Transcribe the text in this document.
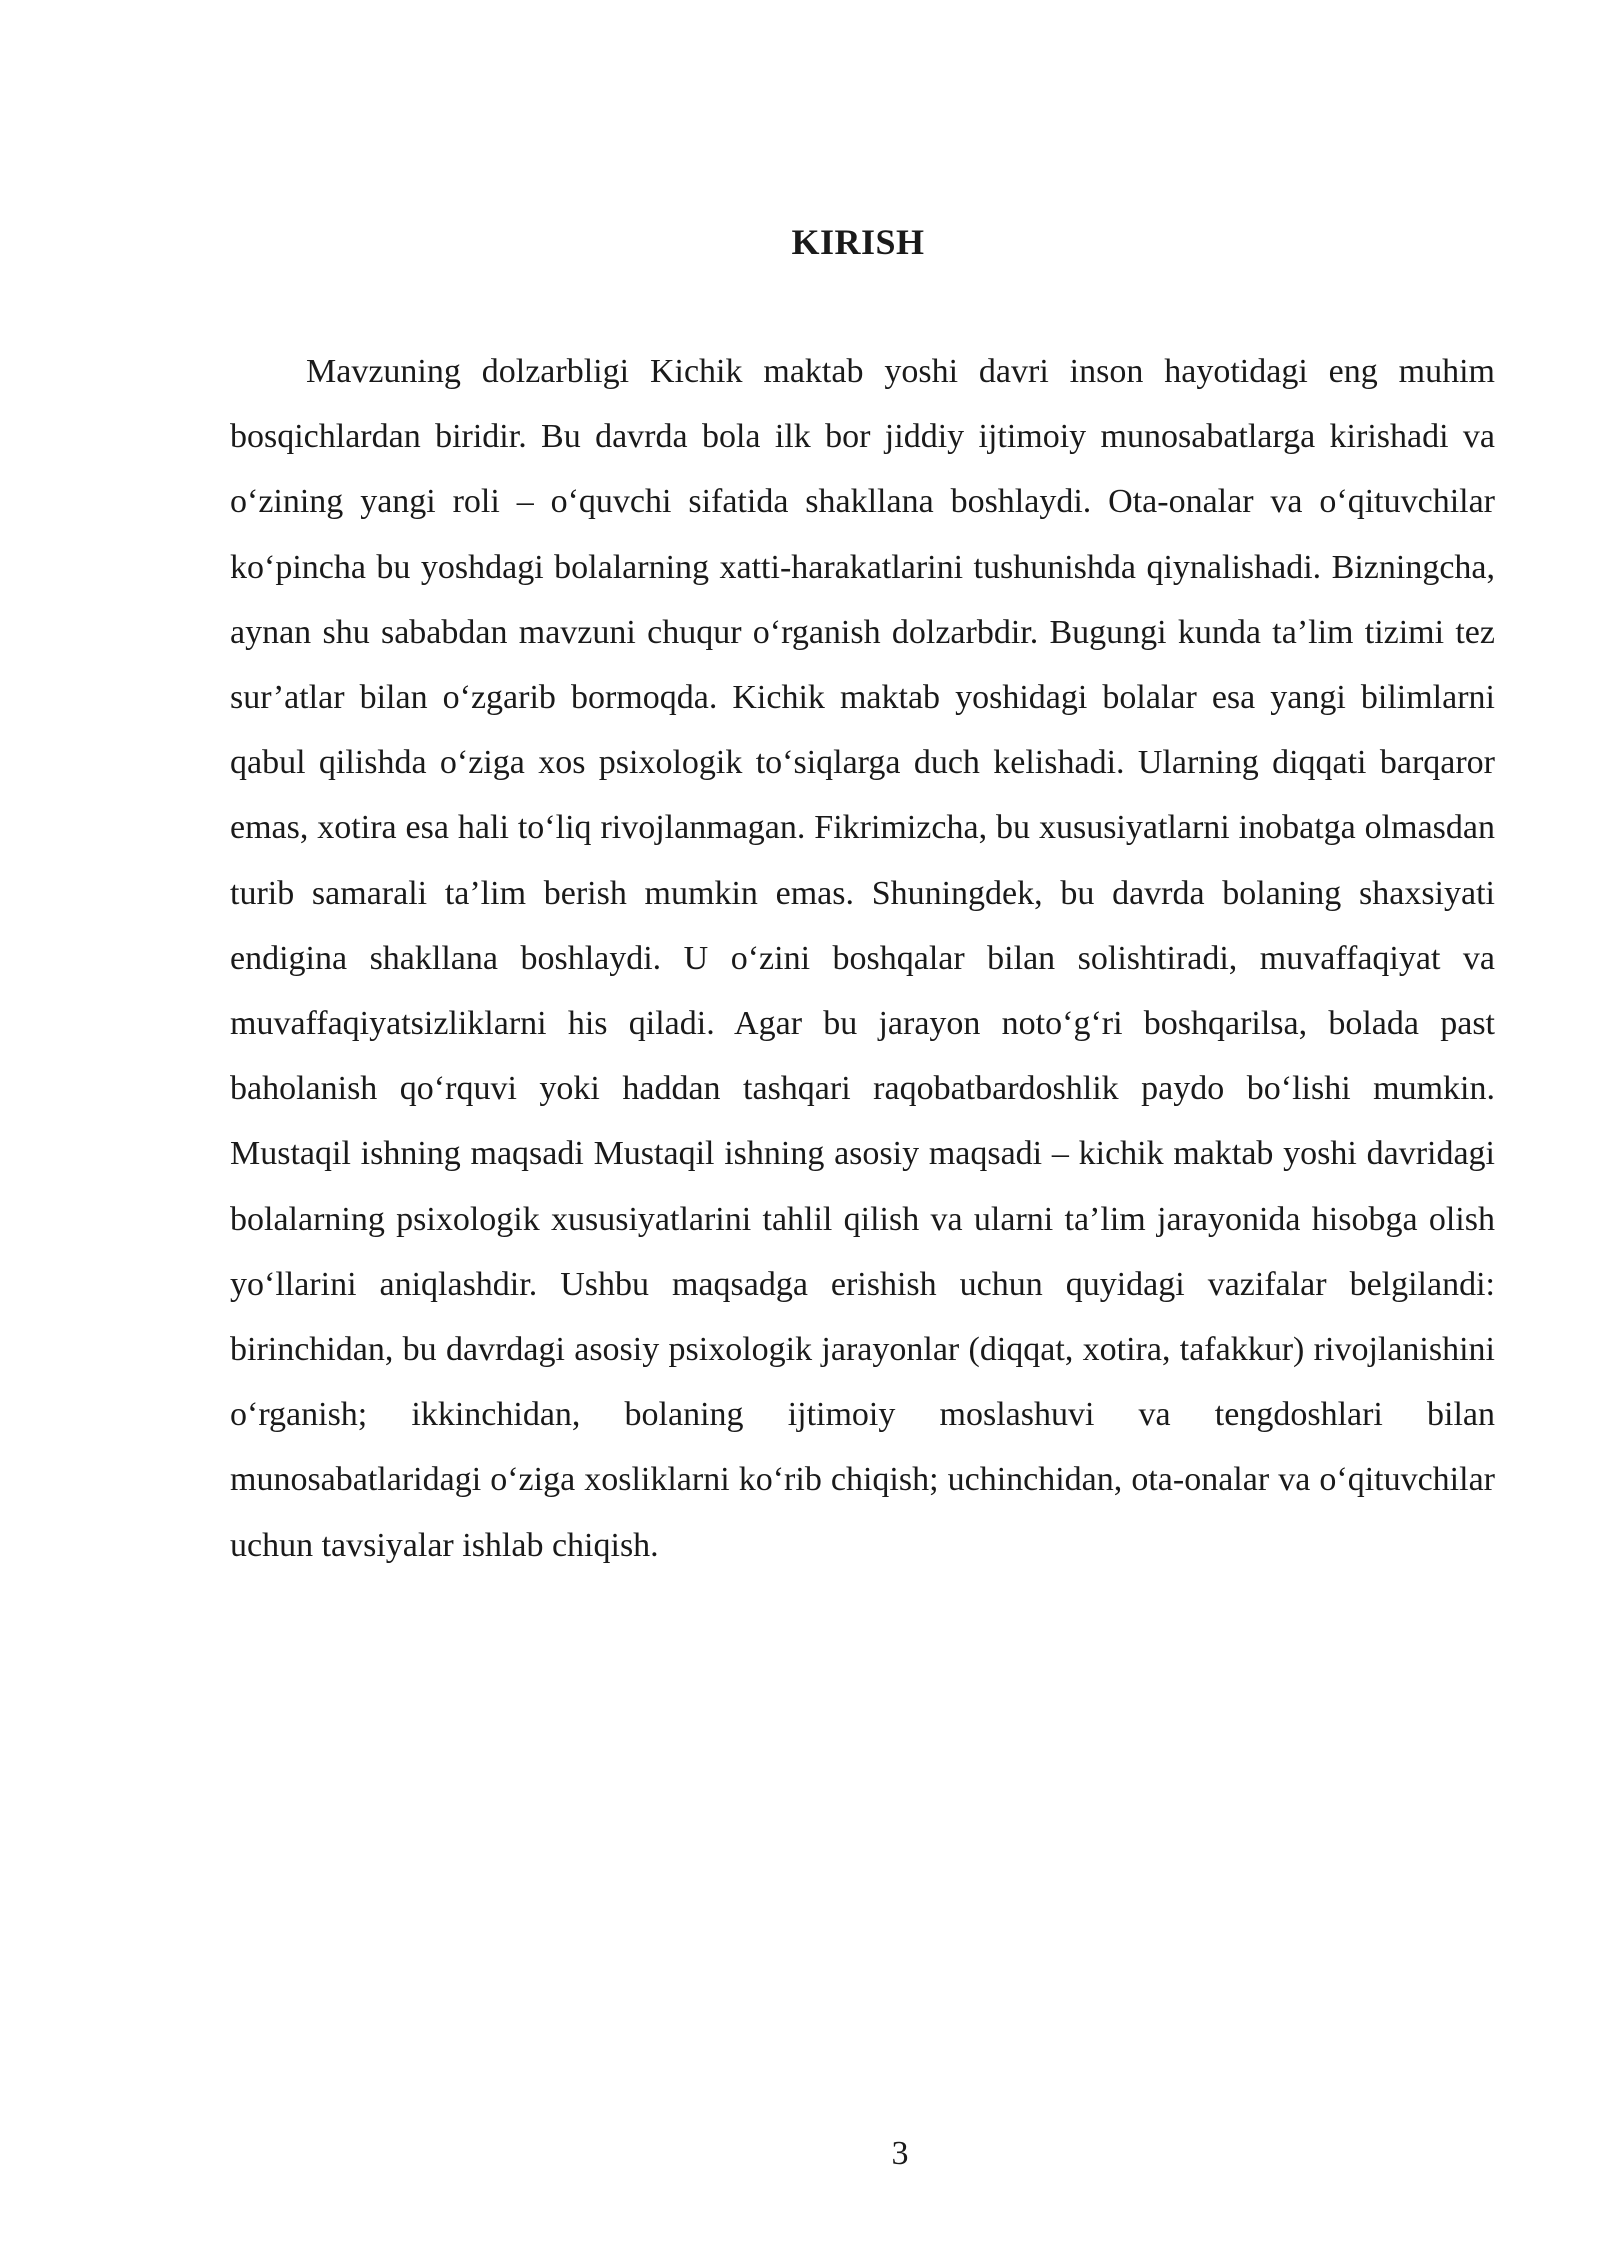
KIRISH

Mavzuning dolzarbligi Kichik maktab yoshi davri inson hayotidagi eng muhim bosqichlardan biridir. Bu davrda bola ilk bor jiddiy ijtimoiy munosabatlarga kirishadi va o‘zining yangi roli – o‘quvchi sifatida shakllana boshlaydi. Ota-onalar va o‘qituvchilar ko‘pincha bu yoshdagi bolalarning xatti-harakatlarini tushunishda qiynalishadi. Bizningcha, aynan shu sababdan mavzuni chuqur o‘rganish dolzarbdir. Bugungi kunda ta’lim tizimi tez sur’atlar bilan o‘zgarib bormoqda. Kichik maktab yoshidagi bolalar esa yangi bilimlarni qabul qilishda o‘ziga xos psixologik to‘siqlarga duch kelishadi. Ularning diqqati barqaror emas, xotira esa hali to‘liq rivojlanmagan. Fikrimizcha, bu xususiyatlarni inobatga olmasdan turib samarali ta’lim berish mumkin emas. Shuningdek, bu davrda bolaning shaxsiyati endigina shakllana boshlaydi. U o‘zini boshqalar bilan solishtiradi, muvaffaqiyat va muvaffaqiyatsizliklarni his qiladi. Agar bu jarayon noto‘g‘ri boshqarilsa, bolada past baholanish qo‘rquvi yoki haddan tashqari raqobatbardoshlik paydo bo‘lishi mumkin. Mustaqil ishning maqsadi Mustaqil ishning asosiy maqsadi – kichik maktab yoshi davridagi bolalarning psixologik xususiyatlarini tahlil qilish va ularni ta’lim jarayonida hisobga olish yo‘llarini aniqlashdir. Ushbu maqsadga erishish uchun quyidagi vazifalar belgilandi: birinchidan, bu davrdagi asosiy psixologik jarayonlar (diqqat, xotira, tafakkur) rivojlanishini o‘rganish; ikkinchidan, bolaning ijtimoiy moslashuvi va tengdoshlari bilan munosabatlaridagi o‘ziga xosliklarni ko‘rib chiqish; uchinchidan, ota-onalar va o‘qituvchilar uchun tavsiyalar ishlab chiqish.

3
